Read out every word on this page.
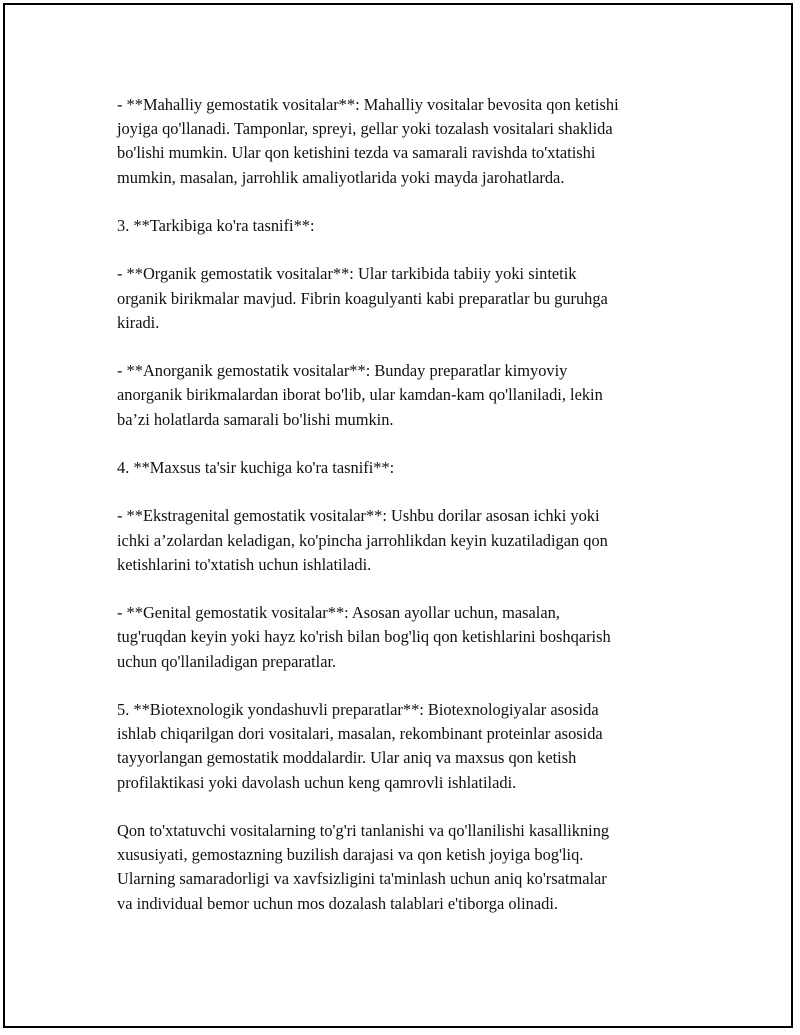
- **Mahalliy gemostatik vositalar**: Mahalliy vositalar bevosita qon ketishi
joyiga qo'llanadi. Tamponlar, spreyi, gellar yoki tozalash vositalari shaklida
bo'lishi mumkin. Ular qon ketishini tezda va samarali ravishda to'xtatishi
mumkin, masalan, jarrohlik amaliyotlarida yoki mayda jarohatlarda.

3. **Tarkibiga ko'ra tasnifi**:

- **Organik gemostatik vositalar**: Ular tarkibida tabiiy yoki sintetik
organik birikmalar mavjud. Fibrin koagulyanti kabi preparatlar bu guruhga
kiradi.

- **Anorganik gemostatik vositalar**: Bunday preparatlar kimyoviy
anorganik birikmalardan iborat bo'lib, ular kamdan-kam qo'llaniladi, lekin
ba’zi holatlarda samarali bo'lishi mumkin.

4. **Maxsus ta'sir kuchiga ko'ra tasnifi**:

- **Ekstragenital gemostatik vositalar**: Ushbu dorilar asosan ichki yoki
ichki a’zolardan keladigan, ko'pincha jarrohlikdan keyin kuzatiladigan qon
ketishlarini to'xtatish uchun ishlatiladi.

- **Genital gemostatik vositalar**: Asosan ayollar uchun, masalan,
tug'ruqdan keyin yoki hayz ko'rish bilan bog'liq qon ketishlarini boshqarish
uchun qo'llaniladigan preparatlar.

5. **Biotexnologik yondashuvli preparatlar**: Biotexnologiyalar asosida
ishlab chiqarilgan dori vositalari, masalan, rekombinant proteinlar asosida
tayyorlangan gemostatik moddalardir. Ular aniq va maxsus qon ketish
profilaktikasi yoki davolash uchun keng qamrovli ishlatiladi.

Qon to'xtatuvchi vositalarning to'g'ri tanlanishi va qo'llanilishi kasallikning
xususiyati, gemostazning buzilish darajasi va qon ketish joyiga bog'liq.
Ularning samaradorligi va xavfsizligini ta'minlash uchun aniq ko'rsatmalar
va individual bemor uchun mos dozalash talablari e'tiborga olinadi.
